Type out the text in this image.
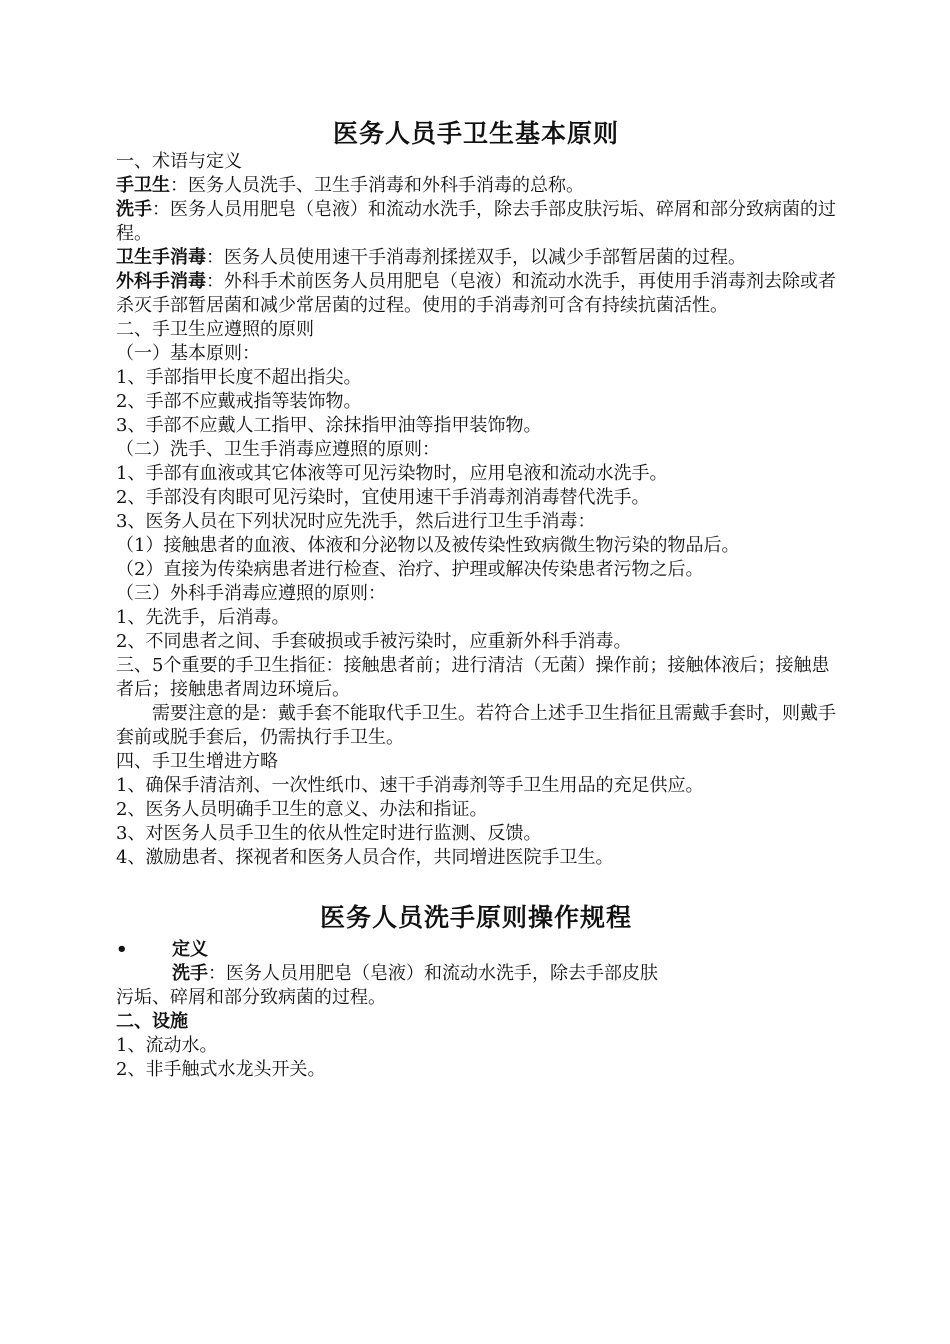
医务人员手卫生基本原则

一、术语与定义

手卫生：医务人员洗手、卫生手消毒和外科手消毒的总称。

洗手：医务人员用肥皂（皂液）和流动水洗手，除去手部皮肤污垢、碎屑和部分致病菌的过程。

卫生手消毒：医务人员使用速干手消毒剂揉搓双手，以减少手部暂居菌的过程。

外科手消毒：外科手术前医务人员用肥皂（皂液）和流动水洗手，再使用手消毒剂去除或者杀灭手部暂居菌和减少常居菌的过程。使用的手消毒剂可含有持续抗菌活性。

二、手卫生应遵照的原则

（一）基本原则：

1、手部指甲长度不超出指尖。

2、手部不应戴戒指等装饰物。

3、手部不应戴人工指甲、涂抹指甲油等指甲装饰物。

（二）洗手、卫生手消毒应遵照的原则：

1、手部有血液或其它体液等可见污染物时，应用皂液和流动水洗手。

2、手部没有肉眼可见污染时，宜使用速干手消毒剂消毒替代洗手。

3、医务人员在下列状况时应先洗手，然后进行卫生手消毒：

（1）接触患者的血液、体液和分泌物以及被传染性致病微生物污染的物品后。

（2）直接为传染病患者进行检查、治疗、护理或解决传染患者污物之后。

（三）外科手消毒应遵照的原则：

1、先洗手，后消毒。

2、不同患者之间、手套破损或手被污染时，应重新外科手消毒。

三、5个重要的手卫生指征：接触患者前；进行清洁（无菌）操作前；接触体液后；接触患者后；接触患者周边环境后。

需要注意的是：戴手套不能取代手卫生。若符合上述手卫生指征且需戴手套时，则戴手套前或脱手套后，仍需执行手卫生。

四、手卫生增进方略

1、确保手清洁剂、一次性纸巾、速干手消毒剂等手卫生用品的充足供应。

2、医务人员明确手卫生的意义、办法和指证。

3、对医务人员手卫生的依从性定时进行监测、反馈。

4、激励患者、探视者和医务人员合作，共同增进医院手卫生。

医务人员洗手原则操作规程

• 定义

洗手：医务人员用肥皂（皂液）和流动水洗手，除去手部皮肤

污垢、碎屑和部分致病菌的过程。

二、设施

1、流动水。

2、非手触式水龙头开关。
